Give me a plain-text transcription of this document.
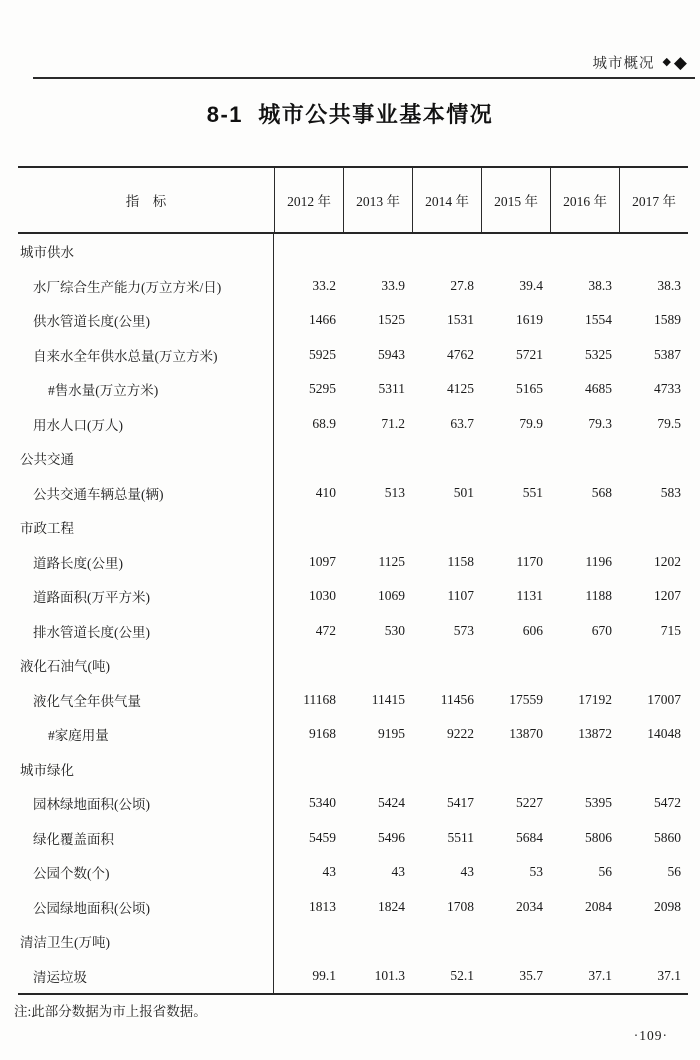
城市概况 ◆ ◆
8-1  城市公共事业基本情况
指　标	2012 年	2013 年	2014 年	2015 年	2016 年	2017 年
城市供水
水厂综合生产能力(万立方米/日)	33.2	33.9	27.8	39.4	38.3	38.3
供水管道长度(公里)	1466	1525	1531	1619	1554	1589
自来水全年供水总量(万立方米)	5925	5943	4762	5721	5325	5387
#售水量(万立方米)	5295	5311	4125	5165	4685	4733
用水人口(万人)	68.9	71.2	63.7	79.9	79.3	79.5
公共交通
公共交通车辆总量(辆)	410	513	501	551	568	583
市政工程
道路长度(公里)	1097	1125	1158	1170	1196	1202
道路面积(万平方米)	1030	1069	1107	1131	1188	1207
排水管道长度(公里)	472	530	573	606	670	715
液化石油气(吨)
液化气全年供气量	11168	11415	11456	17559	17192	17007
#家庭用量	9168	9195	9222	13870	13872	14048
城市绿化
园林绿地面积(公顷)	5340	5424	5417	5227	5395	5472
绿化覆盖面积	5459	5496	5511	5684	5806	5860
公园个数(个)	43	43	43	53	56	56
公园绿地面积(公顷)	1813	1824	1708	2034	2084	2098
清洁卫生(万吨)
清运垃圾	99.1	101.3	52.1	35.7	37.1	37.1
注:此部分数据为市上报省数据。
·109·
